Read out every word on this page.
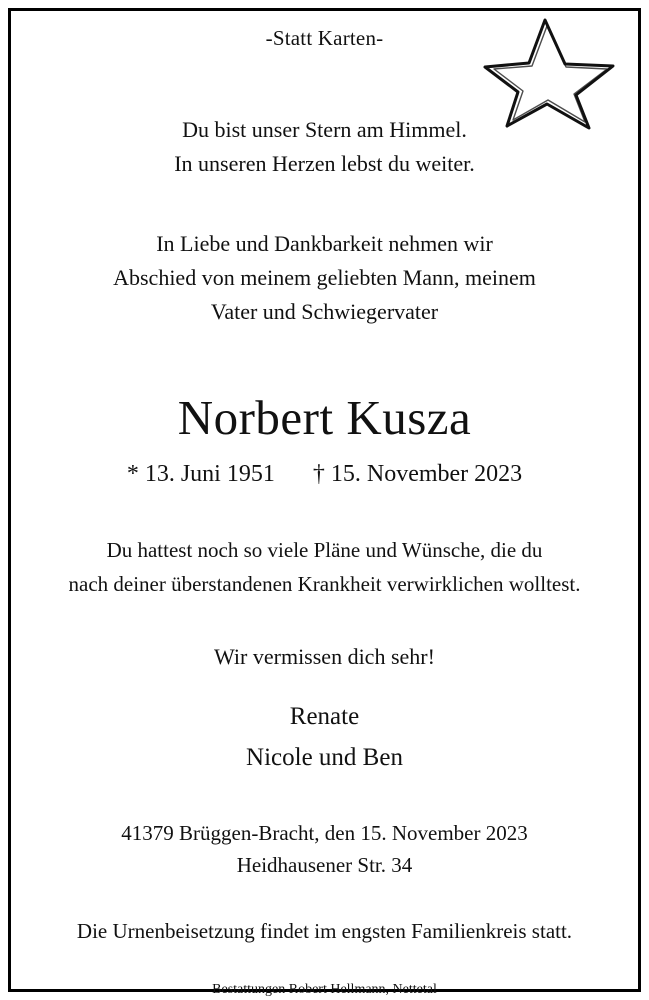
-Statt Karten-
Du bist unser Stern am Himmel.
In unseren Herzen lebst du weiter.
In Liebe und Dankbarkeit nehmen wir
Abschied von meinem geliebten Mann, meinem
Vater und Schwiegervater
Norbert Kusza
* 13. Juni 1951 † 15. November 2023
Du hattest noch so viele Pläne und Wünsche, die du
nach deiner überstandenen Krankheit verwirklichen wolltest.
Wir vermissen dich sehr!
Renate
Nicole und Ben
41379 Brüggen-Bracht, den 15. November 2023
Heidhausener Str. 34
Die Urnenbeisetzung findet im engsten Familienkreis statt.
Bestattungen Robert Hellmann, Nettetal
